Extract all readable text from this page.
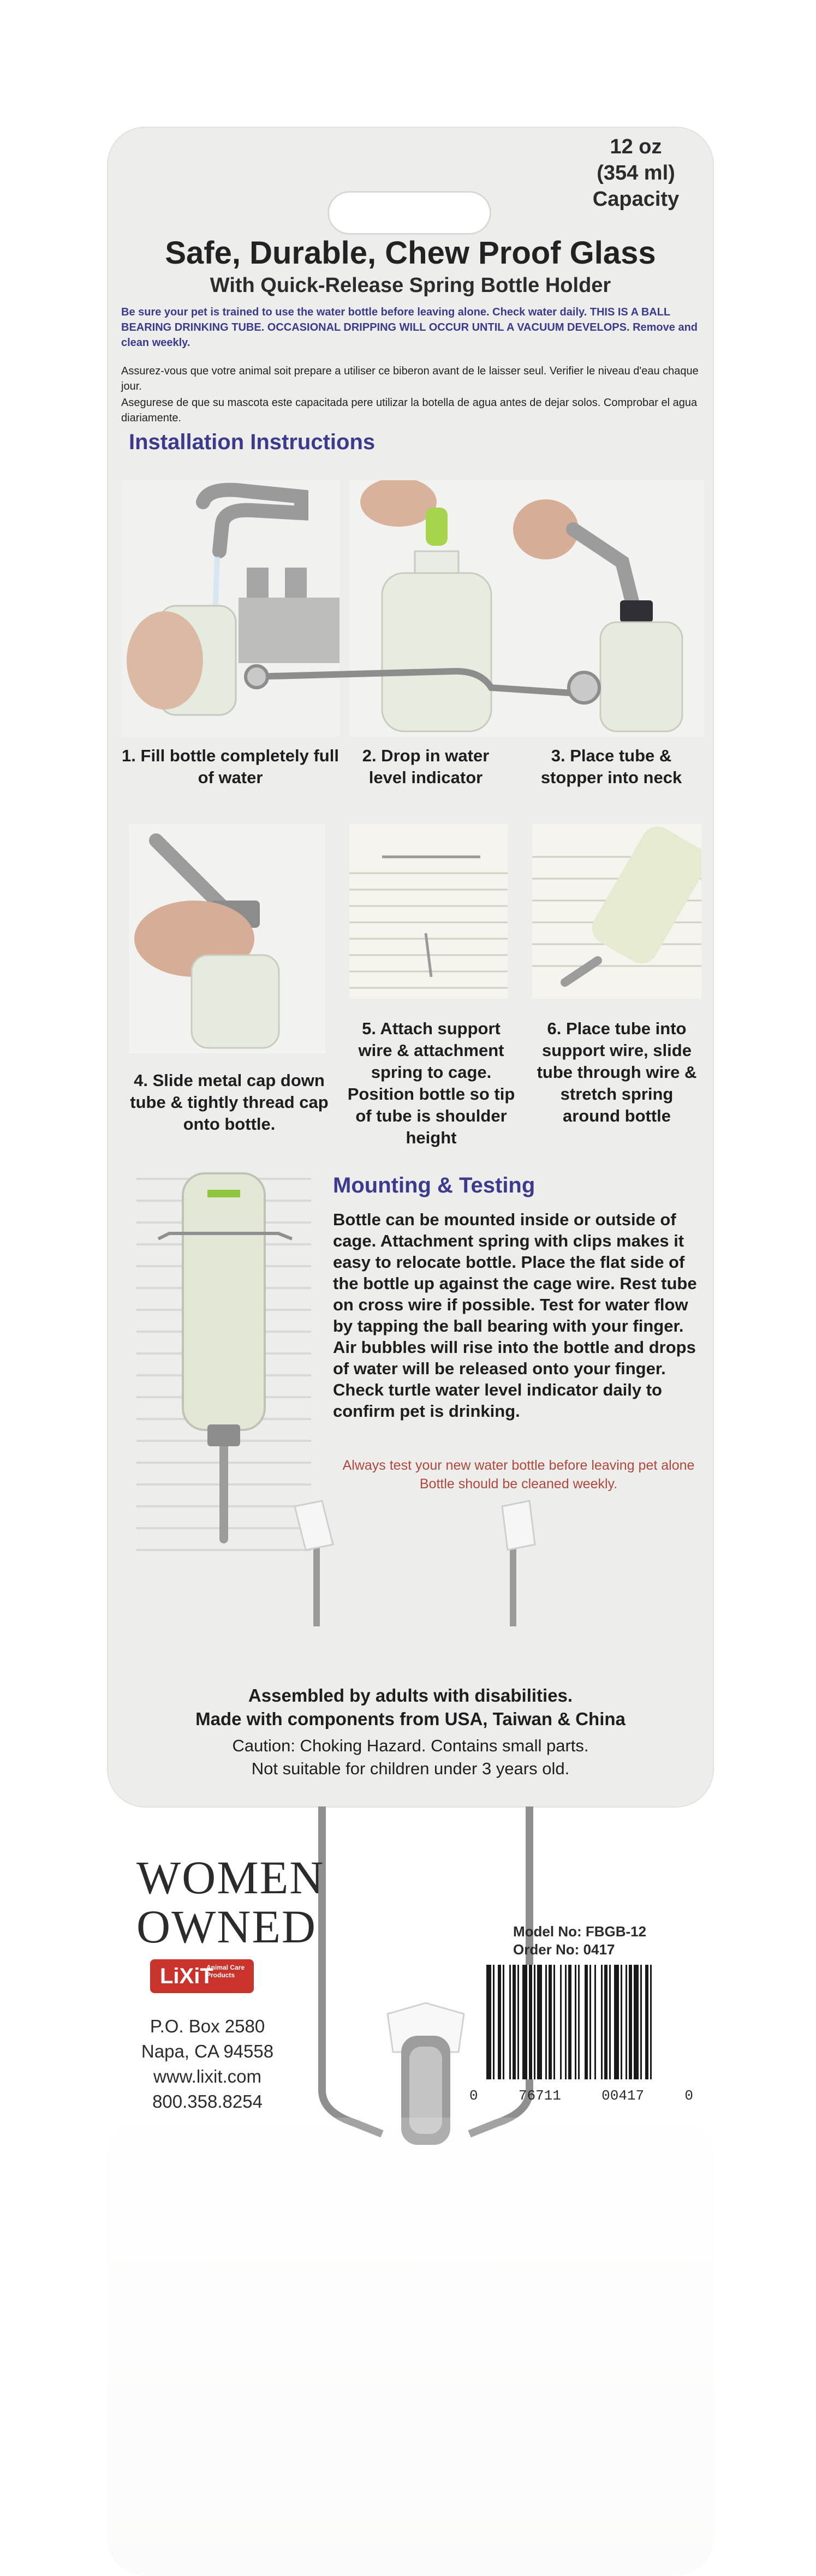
12 oz
(354 ml)
Capacity
Safe, Durable, Chew Proof Glass
With Quick-Release Spring Bottle Holder
Be sure your pet is trained to use the water bottle before leaving alone. Check water daily. THIS IS A BALL BEARING DRINKING TUBE. OCCASIONAL DRIPPING WILL OCCUR UNTIL A VACUUM DEVELOPS. Remove and clean weekly.
Assurez-vous que votre animal soit prepare a utiliser ce biberon avant de le laisser seul. Verifier le niveau d'eau chaque jour.
Asegurese de que su mascota este capacitada pere utilizar la botella de agua antes de dejar solos. Comprobar el agua diariamente.
Installation Instructions
1. Fill bottle completely full of water
2. Drop in water level indicator
3. Place tube & stopper into neck
4. Slide metal cap down tube & tightly thread cap onto bottle.
5. Attach support wire & attachment spring to cage. Position bottle so tip of tube is shoulder height
6. Place tube into support wire, slide tube through wire & stretch spring around bottle
Mounting & Testing
Bottle can be mounted inside or outside of cage. Attachment spring with clips makes it easy to relocate bottle. Place the flat side of the bottle up against the cage wire. Rest tube on cross wire if possible. Test for water flow by tapping the ball bearing with your finger. Air bubbles will rise into the bottle and drops of water will be released onto your finger. Check turtle water level indicator daily to confirm pet is drinking.
Always test your new water bottle before leaving pet alone
Bottle should be cleaned weekly.
Assembled by adults with disabilities.
Made with components from USA, Taiwan & China
Caution: Choking Hazard. Contains small parts.
Not suitable for children under 3 years old.
WOMEN
OWNED
LiXiT
Animal Care Products
P.O. Box 2580
Napa, CA 94558
www.lixit.com
800.358.8254
Model No: FBGB-12
Order No: 0417
0	76711	00417	0
